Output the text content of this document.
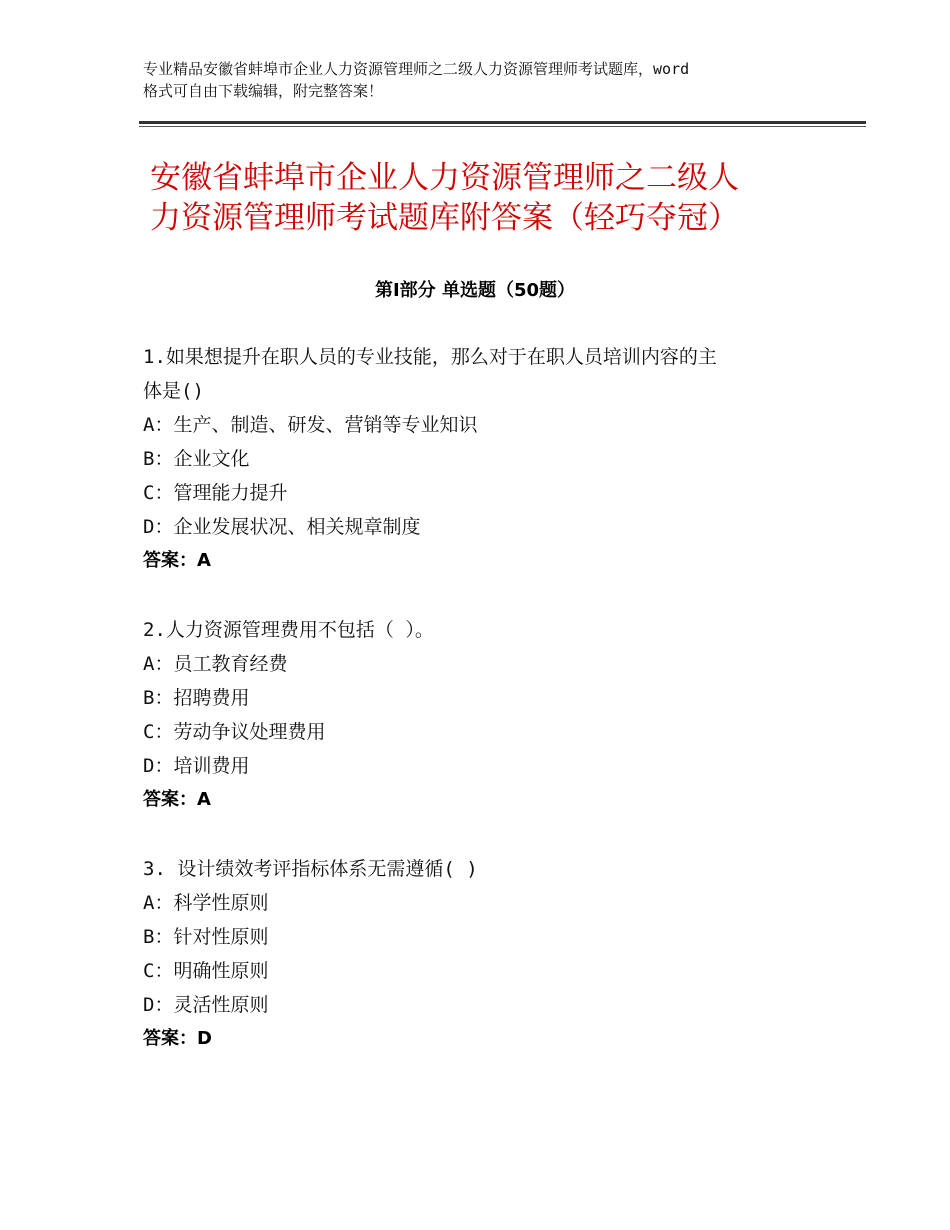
专业精品安徽省蚌埠市企业人力资源管理师之二级人力资源管理师考试题库，word
格式可自由下载编辑，附完整答案！
安徽省蚌埠市企业人力资源管理师之二级人
力资源管理师考试题库附答案（轻巧夺冠）
第Ⅰ部分 单选题（50题）
1.如果想提升在职人员的专业技能，那么对于在职人员培训内容的主
体是()
A：生产、制造、研发、营销等专业知识
B：企业文化
C：管理能力提升
D：企业发展状况、相关规章制度
答案：A
2.人力资源管理费用不包括（ ）。
A：员工教育经费
B：招聘费用
C：劳动争议处理费用
D：培训费用
答案：A
3. 设计绩效考评指标体系无需遵循( )
A：科学性原则
B：针对性原则
C：明确性原则
D：灵活性原则
答案：D
